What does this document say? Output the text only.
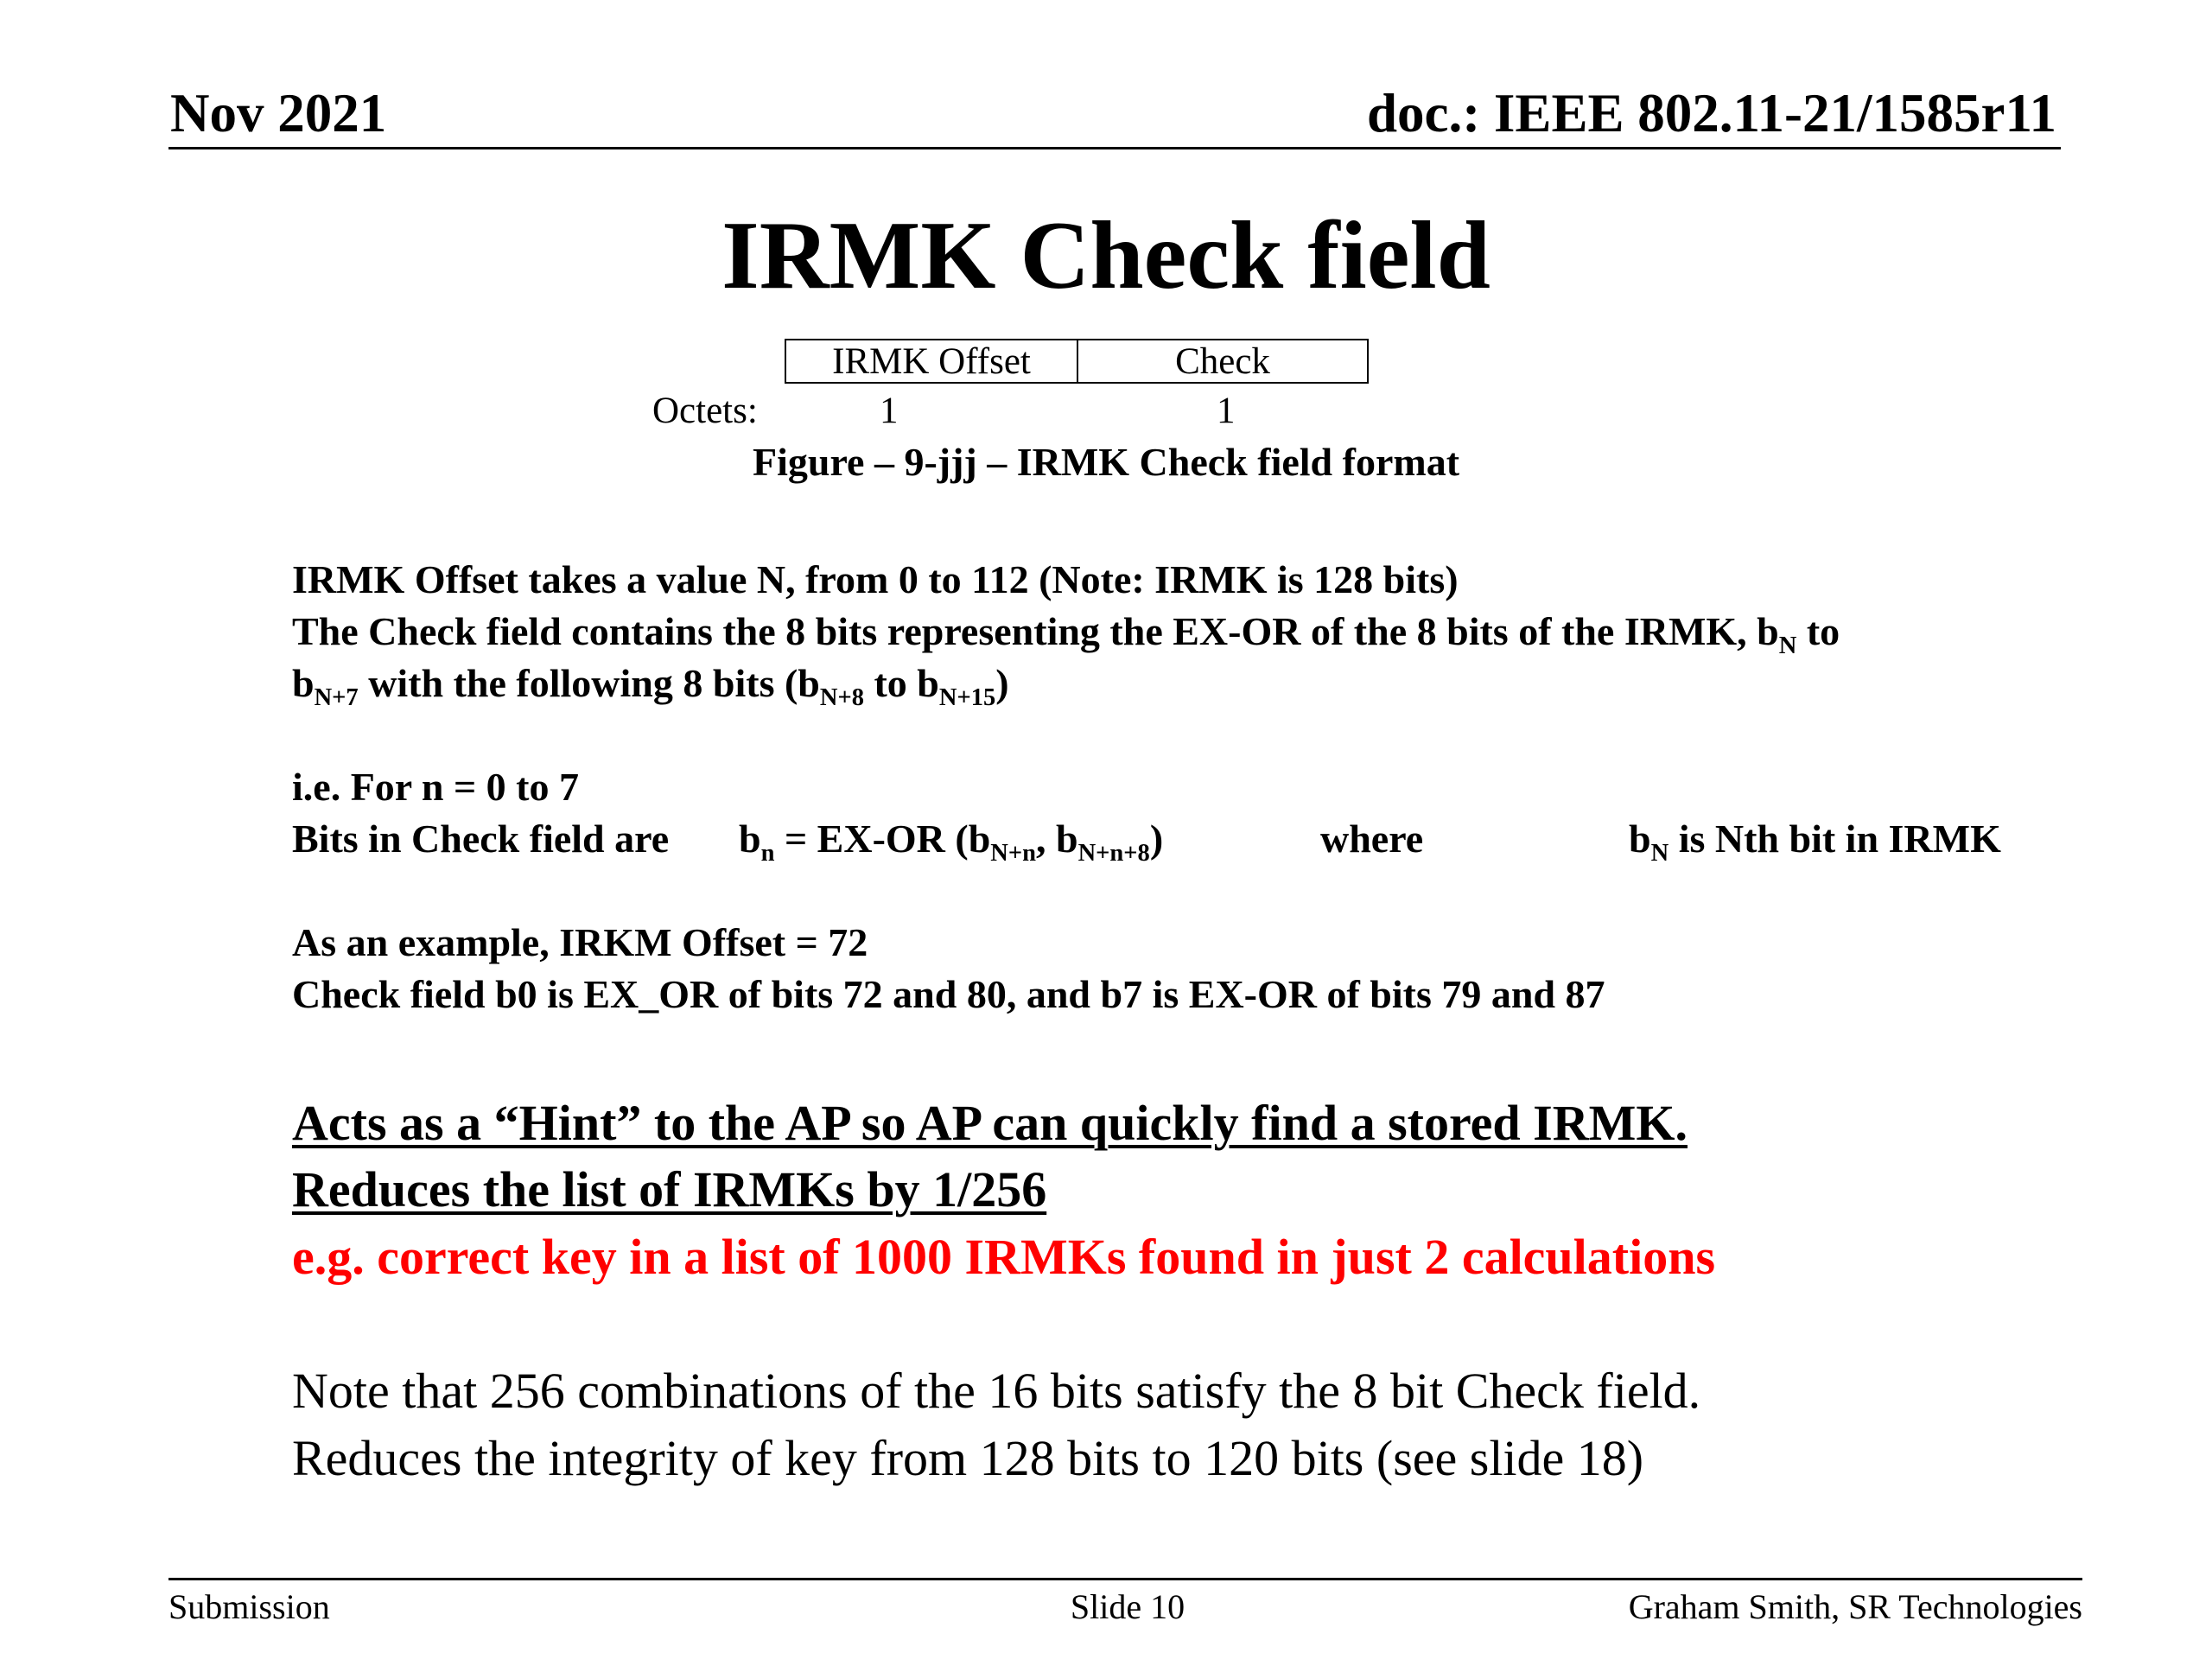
Nov 2021	doc.: IEEE 802.11-21/1585r11
IRMK Check field
IRMK Offset	Check
Octets:	1	1
Figure – 9-jjj – IRMK Check field format
IRMK Offset takes a value N, from 0 to 112 (Note: IRMK is 128 bits)
The Check field contains the 8 bits representing the EX-OR of the 8 bits of the IRMK, $b_N$ to
$b_{N+7}$ with the following 8 bits ($b_{N+8}$ to $b_{N+15}$)
i.e. For n = 0 to 7
Bits in Check field are $b_n = EX-OR$ ($b_{N+n}$, $b_{N+n+8}$)	where	$b_N$ is Nth bit in IRMK
As an example, IRKM Offset = 72
Check field b0 is EX_OR of bits 72 and 80, and b7 is EX-OR of bits 79 and 87
Acts as a “Hint” to the AP so AP can quickly find a stored IRMK.
Reduces the list of IRMKs by 1/256
e.g. correct key in a list of 1000 IRMKs found in just 2 calculations
Note that 256 combinations of the 16 bits satisfy the 8 bit Check field.
Reduces the integrity of key from 128 bits to 120 bits (see slide 18)
Submission	Slide 10	Graham Smith, SR Technologies
